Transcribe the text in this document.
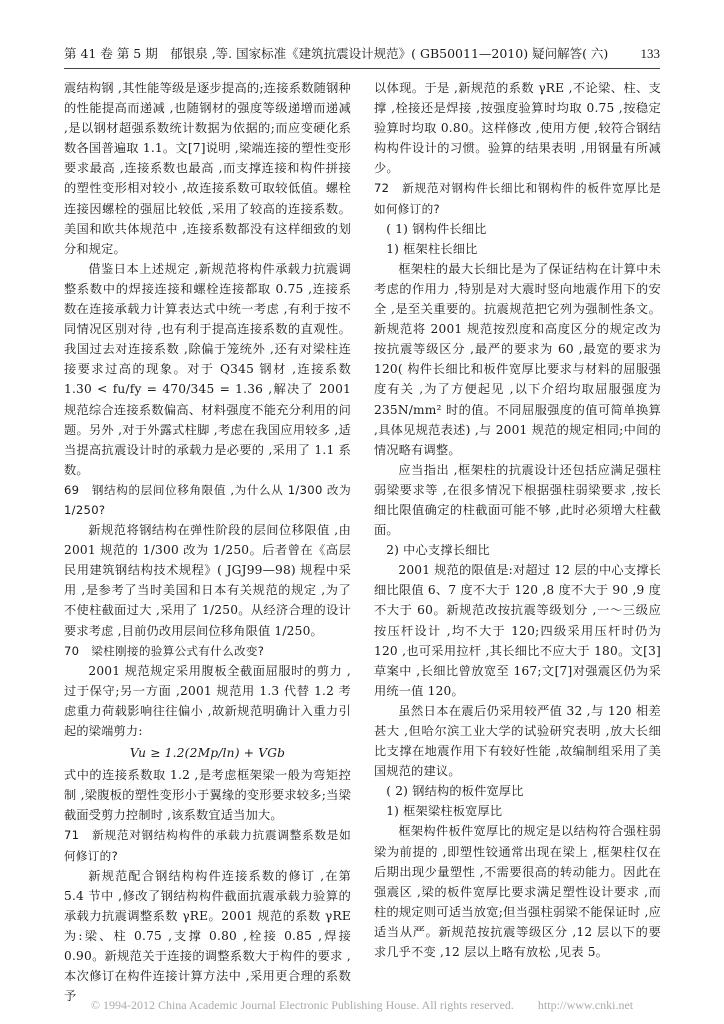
第 41 卷 第 5 期　郁银泉 ,等. 国家标准《建筑抗震设计规范》( GB50011—2010) 疑问解答( 六) 133

震结构钢 ,其性能等级是逐步提高的;连接系数随钢种的性能提高而递减 ,也随钢材的强度等级递增而递减 ,是以钢材超强系数统计数据为依据的;而应变硬化系数各国普遍取 1.1。文[7]说明 ,梁端连接的塑性变形要求最高 ,连接系数也最高 ,而支撑连接和构件拼接的塑性变形相对较小 ,故连接系数可取较低值。螺栓连接因螺栓的强屈比较低 ,采用了较高的连接系数。美国和欧共体规范中 ,连接系数都没有这样细致的划分和规定。

借鉴日本上述规定 ,新规范将构件承载力抗震调整系数中的焊接连接和螺栓连接都取 0.75 ,连接系数在连接承载力计算表达式中统一考虑 ,有利于按不同情况区别对待 ,也有利于提高连接系数的直观性。我国过去对连接系数 ,除偏于笼统外 ,还有对梁柱连接要求过高的现象。对于 Q345 钢材 ,连接系数 1.30 < fu/fy = 470/345 = 1.36 ,解决了 2001 规范综合连接系数偏高、材料强度不能充分利用的问题。另外 ,对于外露式柱脚 ,考虑在我国应用较多 ,适当提高抗震设计时的承载力是必要的 ,采用了 1.1 系数。

69　钢结构的层间位移角限值 ,为什么从 1/300 改为 1/250?

新规范将钢结构在弹性阶段的层间位移限值 ,由 2001 规范的 1/300 改为 1/250。后者曾在《高层民用建筑钢结构技术规程》( JGJ99—98) 规程中采用 ,是参考了当时美国和日本有关规范的规定 ,为了不使柱截面过大 ,采用了 1/250。从经济合理的设计要求考虑 ,目前仍改用层间位移角限值 1/250。

70　梁柱刚接的验算公式有什么改变?

2001 规范规定采用腹板全截面屈服时的剪力 ,过于保守;另一方面 ,2001 规范用 1.3 代替 1.2 考虑重力荷载影响往往偏小 ,故新规范明确计入重力引起的梁端剪力:

Vu ≥ 1.2(2Mp/ln) + VGb

式中的连接系数取 1.2 ,是考虑框架梁一般为弯矩控制 ,梁腹板的塑性变形小于翼缘的变形要求较多;当梁截面受剪力控制时 ,该系数宜适当加大。

71　新规范对钢结构构件的承载力抗震调整系数是如何修订的?

新规范配合钢结构构件连接系数的修订 ,在第 5.4 节中 ,修改了钢结构构件截面抗震承载力验算的承载力抗震调整系数 γRE。2001 规范的系数 γRE 为:梁、柱 0.75 ,支撑 0.80 ,栓接 0.85 ,焊接 0.90。新规范关于连接的调整系数大于构件的要求 ,本次修订在构件连接计算方法中 ,采用更合理的系数予

以体现。于是 ,新规范的系数 γRE ,不论梁、柱、支撑 ,栓接还是焊接 ,按强度验算时均取 0.75 ,按稳定验算时均取 0.80。这样修改 ,使用方便 ,较符合钢结构构件设计的习惯。验算的结果表明 ,用钢量有所减少。

72　新规范对钢构件长细比和钢构件的板件宽厚比是如何修订的?

( 1) 钢构件长细比

1) 框架柱长细比

框架柱的最大长细比是为了保证结构在计算中未考虑的作用力 ,特别是对大震时竖向地震作用下的安全 ,是至关重要的。抗震规范把它列为强制性条文。新规范将 2001 规范按烈度和高度区分的规定改为按抗震等级区分 ,最严的要求为 60 ,最宽的要求为 120( 构件长细比和板件宽厚比要求与材料的屈服强度有关 ,为了方便起见 ,以下介绍均取屈服强度为 235N/mm² 时的值。不同屈服强度的值可简单换算 ,具体见规范表述) ,与 2001 规范的规定相同;中间的情况略有调整。

应当指出 ,框架柱的抗震设计还包括应满足强柱弱梁要求等 ,在很多情况下根据强柱弱梁要求 ,按长细比限值确定的柱截面可能不够 ,此时必须增大柱截面。

2) 中心支撑长细比

2001 规范的限值是:对超过 12 层的中心支撑长细比限值 6、7 度不大于 120 ,8 度不大于 90 ,9 度不大于 60。新规范改按抗震等级划分 ,一～三级应按压杆设计 ,均不大于 120;四级采用压杆时仍为 120 ,也可采用拉杆 ,其长细比不应大于 180。文[3]草案中 ,长细比曾放宽至 167;文[7]对强震区仍为采用统一值 120。

虽然日本在震后仍采用较严值 32 ,与 120 相差甚大 ,但哈尔滨工业大学的试验研究表明 ,放大长细比支撑在地震作用下有较好性能 ,故编制组采用了美国规范的建议。

( 2) 钢结构的板件宽厚比

1) 框架梁柱板宽厚比

框架构件板件宽厚比的规定是以结构符合强柱弱梁为前提的 ,即塑性铰通常出现在梁上 ,框架柱仅在后期出现少量塑性 ,不需要很高的转动能力。因此在强震区 ,梁的板件宽厚比要求满足塑性设计要求 ,而柱的规定则可适当放宽;但当强柱弱梁不能保证时 ,应适当从严。新规范按抗震等级区分 ,12 层以下的要求几乎不变 ,12 层以上略有放松 ,见表 5。

© 1994-2012 China Academic Journal Electronic Publishing House. All rights reserved.　　http://www.cnki.net
